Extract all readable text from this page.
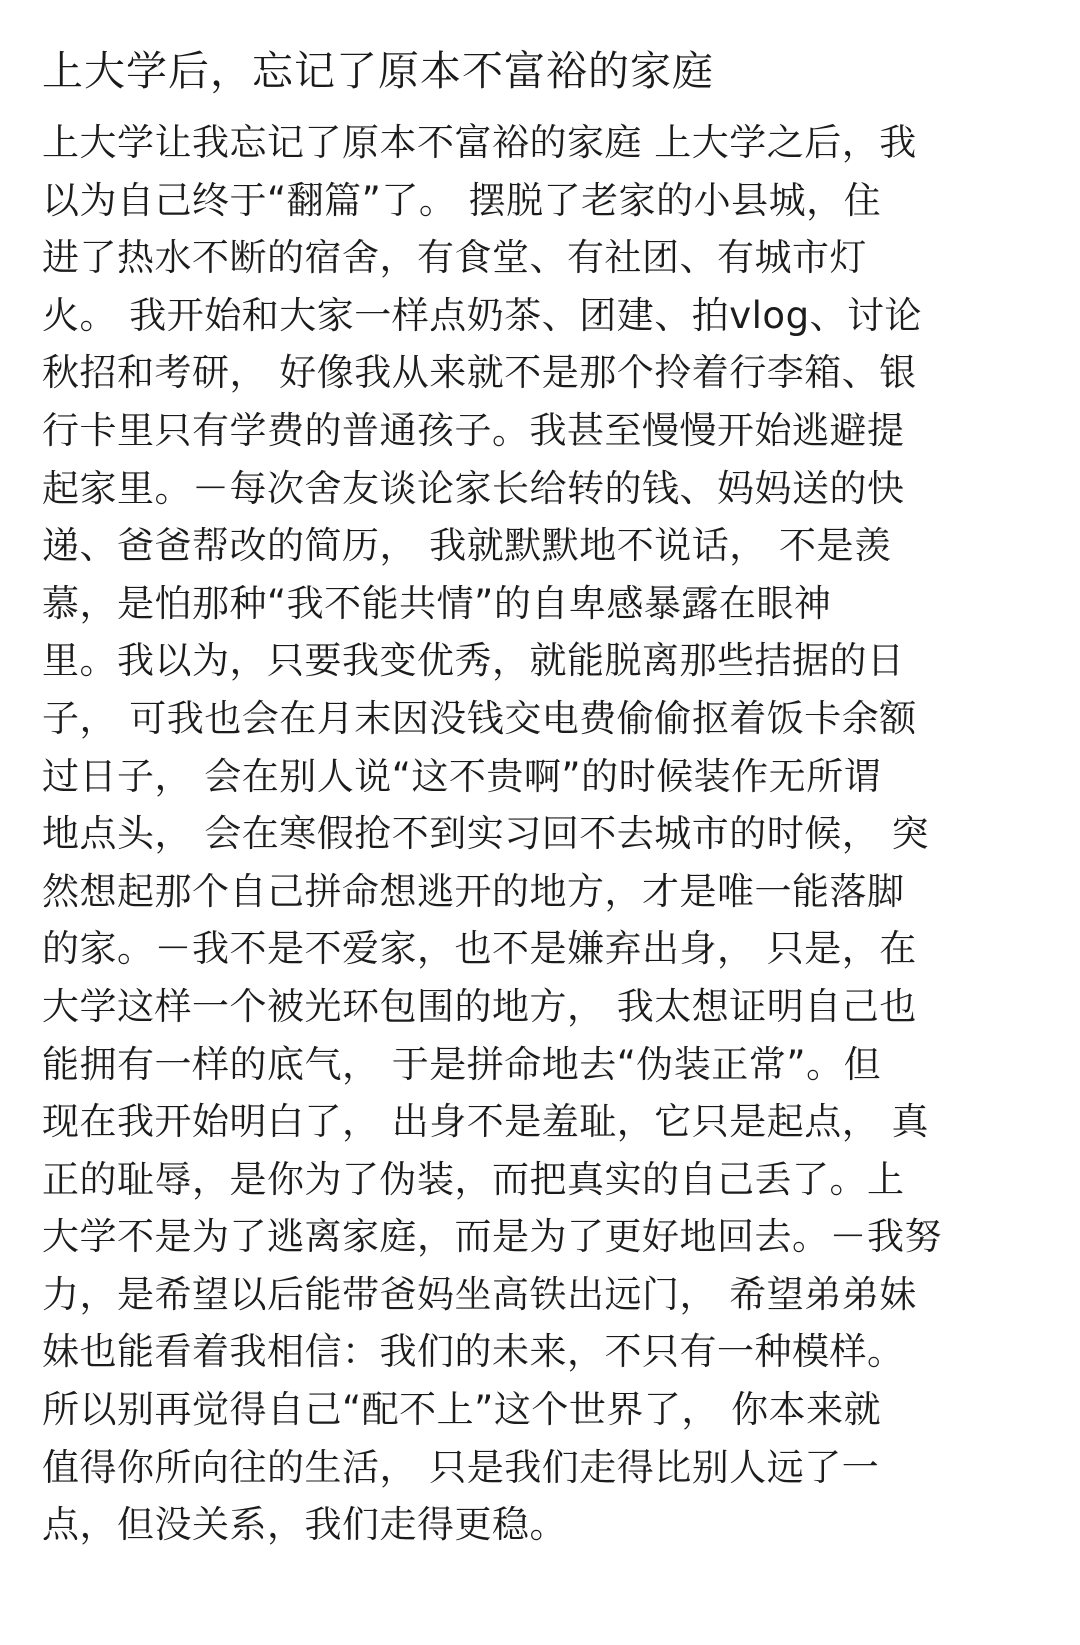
上大学后，忘记了原本不富裕的家庭
上大学让我忘记了原本不富裕的家庭 上大学之后，我
以为自己终于“翻篇”了。 摆脱了老家的小县城，住
进了热水不断的宿舍，有食堂、有社团、有城市灯
火。 我开始和大家一样点奶茶、团建、拍vlog、讨论
秋招和考研， 好像我从来就不是那个拎着行李箱、银
行卡里只有学费的普通孩子。我甚至慢慢开始逃避提
起家里。－每次舍友谈论家长给转的钱、妈妈送的快
递、爸爸帮改的简历， 我就默默地不说话， 不是羡
慕，是怕那种“我不能共情”的自卑感暴露在眼神
里。我以为，只要我变优秀，就能脱离那些拮据的日
子， 可我也会在月末因没钱交电费偷偷抠着饭卡余额
过日子， 会在别人说“这不贵啊”的时候装作无所谓
地点头， 会在寒假抢不到实习回不去城市的时候， 突
然想起那个自己拼命想逃开的地方，才是唯一能落脚
的家。－我不是不爱家，也不是嫌弃出身， 只是，在
大学这样一个被光环包围的地方， 我太想证明自己也
能拥有一样的底气， 于是拼命地去“伪装正常”。但
现在我开始明白了， 出身不是羞耻，它只是起点， 真
正的耻辱，是你为了伪装，而把真实的自己丢了。上
大学不是为了逃离家庭，而是为了更好地回去。－我努
力，是希望以后能带爸妈坐高铁出远门， 希望弟弟妹
妹也能看着我相信：我们的未来，不只有一种模样。
所以别再觉得自己“配不上”这个世界了， 你本来就
值得你所向往的生活， 只是我们走得比别人远了一
点，但没关系，我们走得更稳。
